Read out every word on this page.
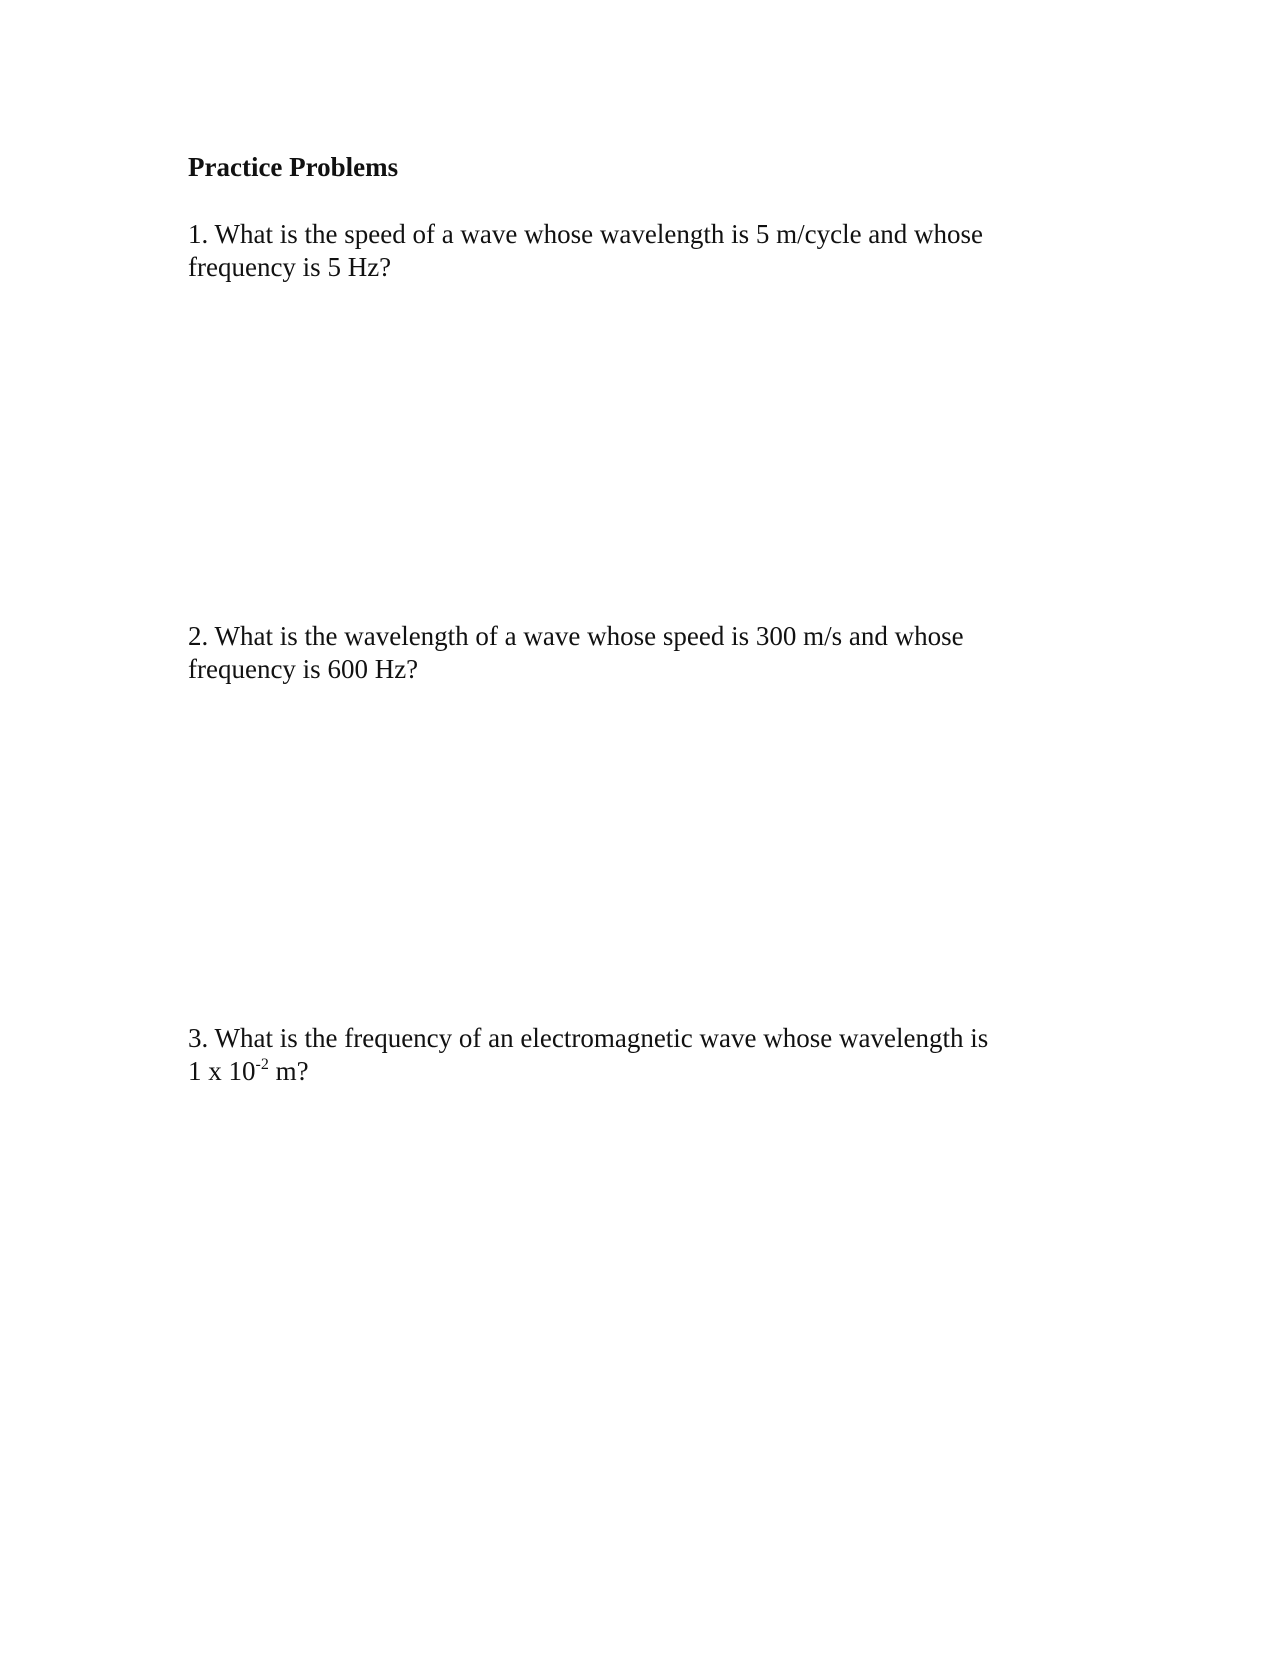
Practice Problems

1. What is the speed of a wave whose wavelength is 5 m/cycle and whose
frequency is 5 Hz?

2. What is the wavelength of a wave whose speed is 300 m/s and whose
frequency is 600 Hz?

3. What is the frequency of an electromagnetic wave whose wavelength is
1 x $10^{-2}$ m?
